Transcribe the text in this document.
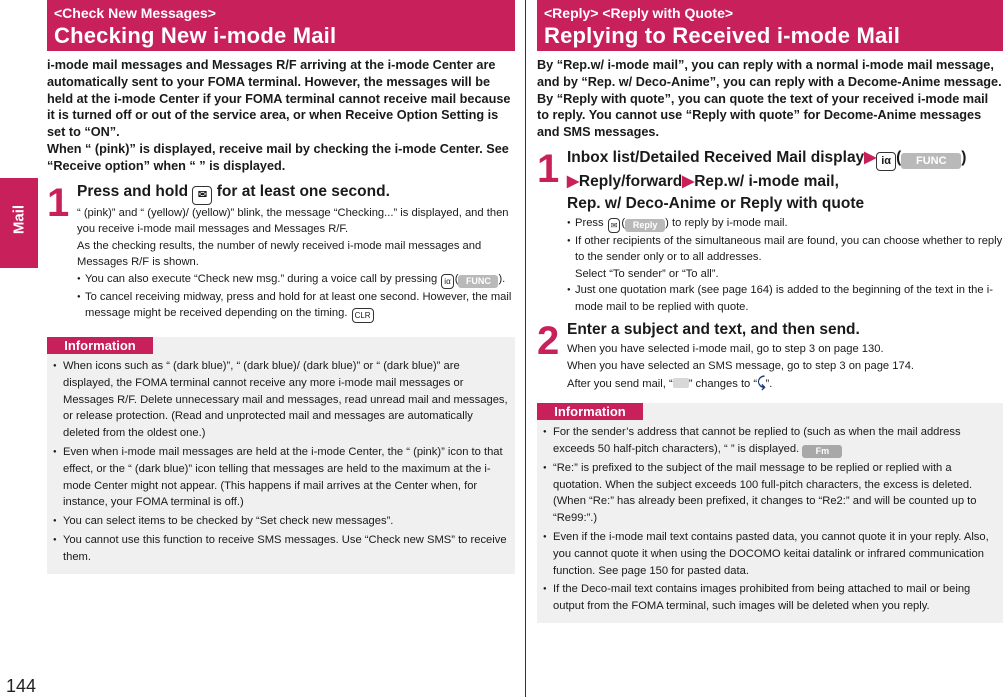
Mail
144
<Check New Messages>
Checking New i-mode Mail
i-mode mail messages and Messages R/F arriving at the i-mode Center are automatically sent to your FOMA terminal. However, the messages will be held at the i-mode Center if your FOMA terminal cannot receive mail because it is turned off or out of the service area, or when Receive Option Setting is set to “ON”.
When “ (pink)” is displayed, receive mail by checking the i-mode Center. See “Receive option” when “ ” is displayed.
1 Press and hold ✉ for at least one second.
“ (pink)” and “ (yellow)/ (yellow)” blink, the message “Checking...” is displayed, and then you receive i-mode mail messages and Messages R/F.
As the checking results, the number of newly received i-mode mail messages and Messages R/F is shown.
● You can also execute “Check new msg.” during a voice call by pressing iα ( FUNC ).
● To cancel receiving midway, press and hold for at least one second. However, the mail message might be received depending on the timing. CLR
Information
● When icons such as “ (dark blue)”, “ (dark blue)/ (dark blue)” or “ (dark blue)” are displayed, the FOMA terminal cannot receive any more i-mode mail messages or Messages R/F. Delete unnecessary mail and messages, read unread mail and messages, or release protection. (Read and unprotected mail and messages are automatically deleted from the oldest one.)
● Even when i-mode mail messages are held at the i-mode Center, the “ (pink)” icon to that effect, or the “ (dark blue)” icon telling that messages are held to the maximum at the i-mode Center might not appear. (This happens if mail arrives at the Center when, for instance, your FOMA terminal is off.)
● You can select items to be checked by “Set check new messages”.
● You cannot use this function to receive SMS messages. Use “Check new SMS” to receive them.
<Reply> <Reply with Quote>
Replying to Received i-mode Mail
By “Rep.w/ i-mode mail”, you can reply with a normal i-mode mail message, and by “Rep. w/ Deco-Anime”, you can reply with a Decome-Anime message. By “Reply with quote”, you can quote the text of your received i-mode mail to reply. You cannot use “Reply with quote” for Decome-Anime messages and SMS messages.
1 Inbox list/Detailed Received Mail display▶ iα ( FUNC )
▶Reply/forward▶Rep.w/ i-mode mail,
Rep. w/ Deco-Anime or Reply with quote
● Press ✉ ( Reply ) to reply by i-mode mail.
● If other recipients of the simultaneous mail are found, you can choose whether to reply to the sender only or to all addresses.
Select “To sender” or “To all”.
● Just one quotation mark (see page 164) is added to the beginning of the text in the i-mode mail to be replied with quote.
2 Enter a subject and text, and then send.
When you have selected i-mode mail, go to step 3 on page 130.
When you have selected an SMS message, go to step 3 on page 174.
After you send mail, “ ” changes to “⤹”.
Information
● For the sender’s address that cannot be replied to (such as when the mail address exceeds 50 half-pitch characters), “ ” is displayed. Fm
● “Re:” is prefixed to the subject of the mail message to be replied or replied with a quotation. When the subject exceeds 100 full-pitch characters, the excess is deleted. (When “Re:” has already been prefixed, it changes to “Re2:” and will be counted up to “Re99:”.)
● Even if the i-mode mail text contains pasted data, you cannot quote it in your reply. Also, you cannot quote it when using the DOCOMO keitai datalink or infrared communication function. See page 150 for pasted data.
● If the Deco-mail text contains images prohibited from being attached to mail or being output from the FOMA terminal, such images will be deleted when you reply.
